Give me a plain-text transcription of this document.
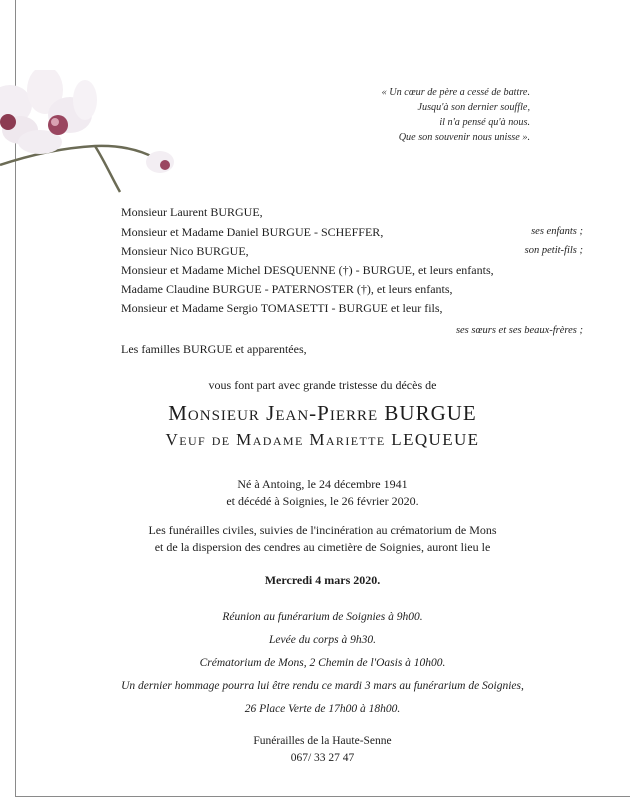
« Un cœur de père a cessé de battre.
Jusqu'à son dernier souffle,
il n'a pensé qu'à nous.
Que son souvenir nous unisse ».
Monsieur Laurent BURGUE,
Monsieur et Madame Daniel BURGUE - SCHEFFER,	ses enfants ;
Monsieur Nico BURGUE,	son petit-fils ;
Monsieur et Madame Michel DESQUENNE (†) - BURGUE, et leurs enfants,
Madame Claudine BURGUE - PATERNOSTER (†), et leurs enfants,
Monsieur et Madame Sergio TOMASETTI - BURGUE et leur fils,
ses sœurs et ses beaux-frères ;
Les familles BURGUE et apparentées,
vous font part avec grande tristesse du décès de
Monsieur Jean-Pierre BURGUE
Veuf de Madame Mariette LEQUEUE
Né à Antoing, le 24 décembre 1941
et décédé à Soignies, le 26 février 2020.
Les funérailles civiles, suivies de l'incinération au crématorium de Mons
et de la dispersion des cendres au cimetière de Soignies, auront lieu le
Mercredi 4 mars 2020.
Réunion au funérarium de Soignies à 9h00.
Levée du corps à 9h30.
Crématorium de Mons, 2 Chemin de l'Oasis à 10h00.
Un dernier hommage pourra lui être rendu ce mardi 3 mars au funérarium de Soignies,
26 Place Verte de 17h00 à 18h00.
Funérailles de la Haute-Senne
067/ 33 27 47
